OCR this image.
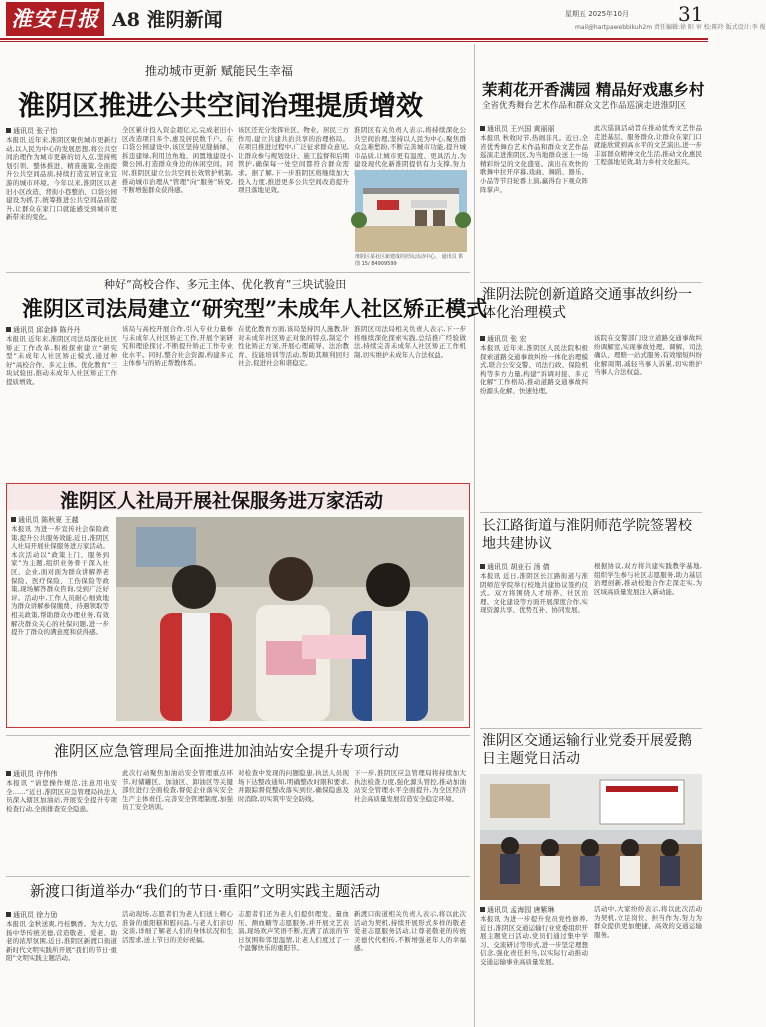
淮安日报 A8 淮阴新闻	星期五 2025年10月 31
mail@hartpawebbikuh2m 责任编辑:徐 阳 审 校:陈玲 版式设计:李 俊
推动城市更新 赋能民生幸福
淮阴区推进公共空间治理提质增效
通讯员 张子怡
本报讯 近年来,淮阴区聚焦城市更新行动,以人民为中心的发展思想,将公共空间治理作为城市更新的切入点,坚持规划引领、整体推进、精准施策,全面提升公共空间品质,持续打造宜居宜业宜游的城市环境。今年以来,淮阴区以老旧小区改造、背街小巷整治、口袋公园建设为抓手,统筹推进公共空间品质提升,让群众在家门口就能感受到城市更新带来的变化。
全区累计投入资金超亿元,完成老旧小区改造项目多个,惠及居民数千户。在口袋公园建设中,该区坚持见缝插绿、拆违建绿,利用边角地、闲置地建设小微公园,打造群众身边的休闲空间。同时,淮阴区建立公共空间长效管护机制,推动城市治理从“管理”向“服务”转变,不断增强群众获得感。
该区还充分发挥社区、物业、居民三方作用,建立共建共治共享的治理格局。在项目推进过程中,广泛征求群众意见,让群众参与规划设计、施工监督和后期管护,确保每一处空间都符合群众需求。据了解,下一步淮阴区将继续加大投入力度,推进更多公共空间改造提升项目落地见效。
淮阴区有关负责人表示,将持续深化公共空间治理,坚持以人民为中心,聚焦群众急难愁盼,不断完善城市功能,提升城市品质,让城市更有温度、更具活力,为建设现代化新淮阴提供有力支撑,努力
淮阴区某社区新建成的居民活动中心。 通讯员 供图 15/ 84909599
种好“高校合作、多元主体、优化教育”三块试验田
淮阴区司法局建立“研究型”未成年人社区矫正模式
通讯员 邱金鋒 陈丹丹
本报讯 近年来,淮阴区司法局深化社区矫正工作改革,积极探索建立“研究型”未成年人社区矫正模式,通过种好“高校合作、多元主体、优化教育”三块试验田,推动未成年人社区矫正工作提质增效。
该局与高校开展合作,引入专业力量参与未成年人社区矫正工作,开展个案研究和理论探讨,不断提升矫正工作专业化水平。同时,整合社会资源,构建多元主体参与的矫正帮教体系。
在优化教育方面,该局坚持因人施教,针对未成年社区矫正对象的特点,制定个性化矫正方案,开展心理疏导、法治教育、技能培训等活动,帮助其顺利回归社会,促进社会和谐稳定。
淮阴区司法局相关负责人表示,下一步将继续深化探索实践,总结推广经验做法,持续完善未成年人社区矫正工作机制,切实维护未成年人合法权益。
淮阴区人社局开展社保服务进万家活动
通讯员 陈秋夏 王越
本报讯 为进一步宣传社会保险政策,提升公共服务效能,近日,淮阴区人社局开展社保服务进万家活动。本次活动以“政策上门、服务到家”为主题,组织业务骨干深入社区、企业,面对面为群众讲解养老保险、医疗保险、工伤保险等政策,现场解答群众咨询,受到广泛好评。活动中,工作人员耐心细致地为群众讲解参保缴费、待遇领取等相关政策,帮助群众办理业务,有效解决群众关心的社保问题,进一步提升了群众的满意度和获得感。
淮阴区应急管理局全面推进加油站安全提升专项行动
通讯员 许伟伟
本报讯 “请您操作规范,注意用电安全……”近日,淮阴区应急管理局执法人员深入辖区加油站,开展安全提升专项检查行动,全面排查安全隐患。
此次行动聚焦加油站安全管理重点环节,对储罐区、加油区、卸油区等关键部位进行全面检查,督促企业落实安全生产主体责任,完善安全管理制度,加强员工安全培训。
对检查中发现的问题隐患,执法人员现场下达整改通知,明确整改时限和要求,并跟踪督促整改落实到位,确保隐患及时消除,切实筑牢安全防线。
下一步,淮阴区应急管理局将持续加大执法检查力度,强化源头管控,推动加油站安全管理水平全面提升,为全区经济社会高质量发展营造安全稳定环境。
新渡口街道举办“我们的节日·重阳”文明实践主题活动
通讯员 徐力劢
本报讯 金秋送爽,丹桂飘香。为大力弘扬中华传统美德,营造敬老、爱老、助老的浓厚氛围,近日,淮阴区新渡口街道新时代文明实践所开展“我们的节日·重阳”文明实践主题活动。
活动现场,志愿者们为老人们送上精心准备的重阳糕和慰问品,与老人们亲切交谈,详细了解老人们的身体状况和生活需求,送上节日的美好祝福。
志愿者们还为老人们提供理发、量血压、测血糖等志愿服务,并开展文艺表演,现场欢声笑语不断,充满了浓浓的节日氛围和邻里温情,让老人们度过了一个温馨快乐的重阳节。
新渡口街道相关负责人表示,将以此次活动为契机,持续开展形式多样的敬老爱老志愿服务活动,让尊老敬老的传统美德代代相传,不断增强老年人的幸福感。
茉莉花开香满园 精品好戏惠乡村
全省优秀舞台艺术作品和群众文艺作品巡演走进淮阴区
通讯员 王兴国 黄丽丽
本报讯 秋收时节,热闹非凡。近日,全省优秀舞台艺术作品和群众文艺作品巡演走进淮阴区,为当地群众送上一场精彩纷呈的文化盛宴。演出在欢快的歌舞中拉开序幕,戏曲、舞蹈、器乐、小品等节目轮番上演,赢得台下观众阵阵掌声。
此次巡演活动旨在推动优秀文艺作品走进基层、服务群众,让群众在家门口就能欣赏到高水平的文艺演出,进一步丰富群众精神文化生活,推动文化惠民工程落地见效,助力乡村文化振兴。
淮阴法院创新道路交通事故纠纷一体化治理模式
通讯员 张 宏
本报讯 近年来,淮阴区人民法院积极探索道路交通事故纠纷一体化治理模式,联合公安交警、司法行政、保险机构等多方力量,构建“诉调对接、多元化解”工作格局,推动道路交通事故纠纷源头化解、快速处理。
该院在交警部门设立道路交通事故纠纷调解室,实现事故处理、调解、司法确认、理赔一站式服务,有效缩短纠纷化解周期,减轻当事人诉累,切实维护当事人合法权益。
长江路街道与淮阴师范学院签署校地共建协议
通讯员 胡业石 汤 倩
本报讯 近日,淮阴区长江路街道与淮阴师范学院举行校地共建协议签约仪式。双方将围绕人才培养、社区治理、文化建设等方面开展深度合作,实现资源共享、优势互补、协同发展。
根据协议,双方将共建实践教学基地,组织学生参与社区志愿服务,助力基层治理创新,推动校地合作走深走实,为区域高质量发展注入新动能。
淮阴区交通运输行业党委开展爱鹅日主题党日活动
通讯员 孟海园 唐紫琳
本报讯 为进一步提升党员党性修养,近日,淮阴区交通运输行业党委组织开展主题党日活动,党员们通过集中学习、交流研讨等形式,进一步坚定理想信念,强化责任担当,以实际行动推动交通运输事业高质量发展。
活动中,大家纷纷表示,将以此次活动为契机,立足岗位、担当作为,努力为群众提供更加便捷、高效的交通运输服务。
